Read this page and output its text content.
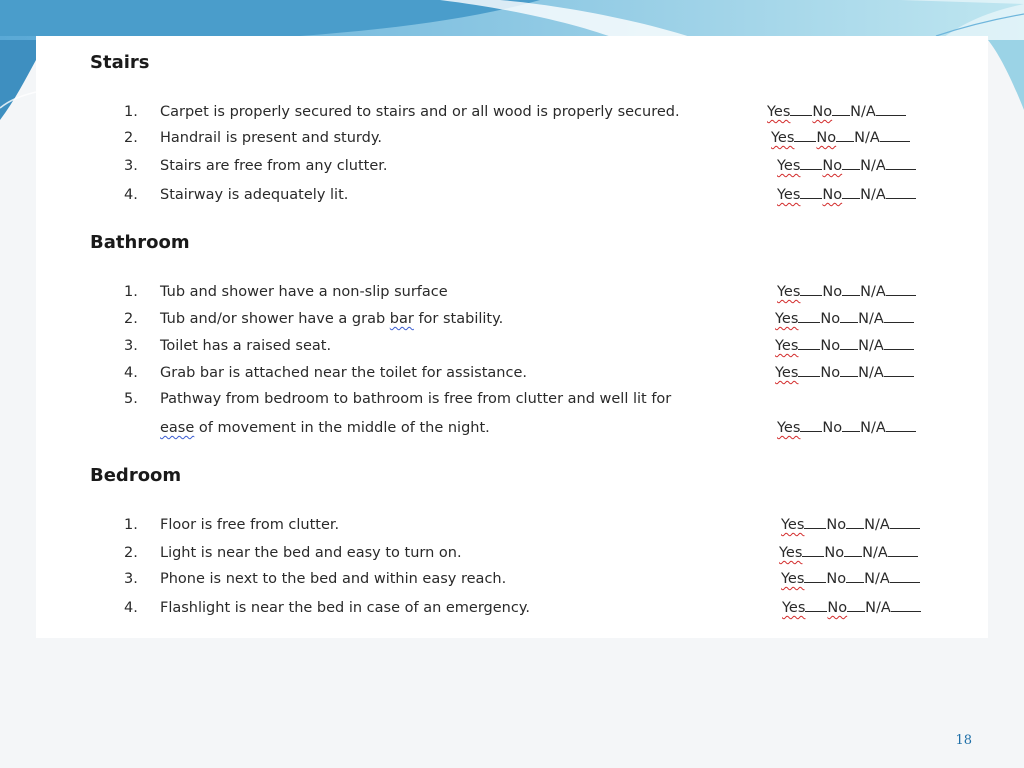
Stairs
1. Carpet is properly secured to stairs and or all wood is properly secured.	Yes No N/A
2. Handrail is present and sturdy.	Yes No N/A
3. Stairs are free from any clutter.	Yes No N/A
4. Stairway is adequately lit.	Yes No N/A
Bathroom
1. Tub and shower have a non-slip surface	Yes No N/A
2. Tub and/or shower have a grab bar for stability.	Yes No N/A
3. Toilet has a raised seat.	Yes No N/A
4. Grab bar is attached near the toilet for assistance.	Yes No N/A
5. Pathway from bedroom to bathroom is free from clutter and well lit for
ease of movement in the middle of the night.	Yes No N/A
Bedroom
1. Floor is free from clutter.	Yes No N/A
2. Light is near the bed and easy to turn on.	Yes No N/A
3. Phone is next to the bed and within easy reach.	Yes No N/A
4. Flashlight is near the bed in case of an emergency.	Yes No N/A
18
